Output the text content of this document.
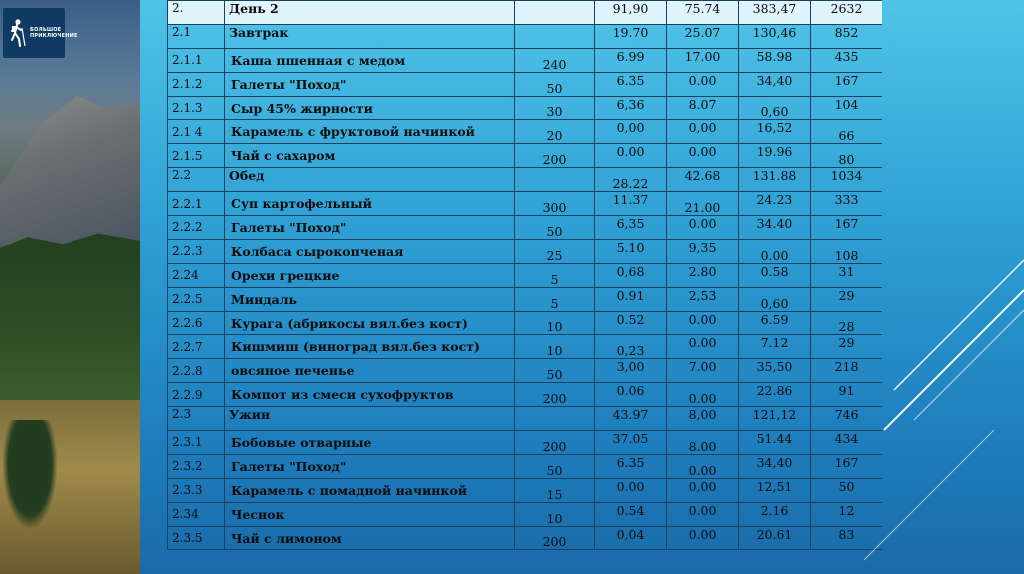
БОЛЬШОЕ
ПРИКЛЮЧЕНИЕ
2.	День 2		91,90	75.74	383,47	2632
2.1	Завтрак		19.70	25.07	130,46	852
2.1.1	Каша пшенная с медом	240	6.99	17.00	58.98	435
2.1.2	Галеты "Поход"	50	6.35	0.00	34,40	167
2.1.3	Сыр 45% жирности	30	6,36	8.07	0,60	104
2.1 4	Карамель с фруктовой начинкой	20	0,00	0,00	16,52	66
2.1.5	Чай с сахаром	200	0.00	0.00	19.96	80
2.2	Обед		28.22	42.68	131.88	1034
2.2.1	Суп картофельный	300	11.37	21.00	24.23	333
2.2.2	Галеты "Поход"	50	6,35	0.00	34.40	167
2.2.3	Колбаса сырокопченая	25	5.10	9,35	0.00	108
2.24	Орехи грецкие	5	0,68	2.80	0.58	31
2.2.5	Миндаль	5	0.91	2,53	0,60	29
2.2.6	Курага (абрикосы вял.без кост)	10	0.52	0.00	6.59	28
2.2.7	Кишмиш (виноград вял.без кост)	10	0,23	0.00	7.12	29
2.2.8	овсяное печенье	50	3,00	7.00	35,50	218
2.2.9	Компот из смеси сухофруктов	200	0.06	0.00	22.86	91
2.3	Ужин		43.97	8,00	121,12	746
2.3.1	Бобовые отварные	200	37.05	8.00	51.44	434
2.3.2	Галеты "Поход"	50	6.35	0.00	34,40	167
2.3.3	Карамель с помадной начинкой	15	0.00	0,00	12,51	50
2.34	Чеснок	10	0.54	0.00	2.16	12
2.3.5	Чай с лимоном	200	0,04	0.00	20.61	83
